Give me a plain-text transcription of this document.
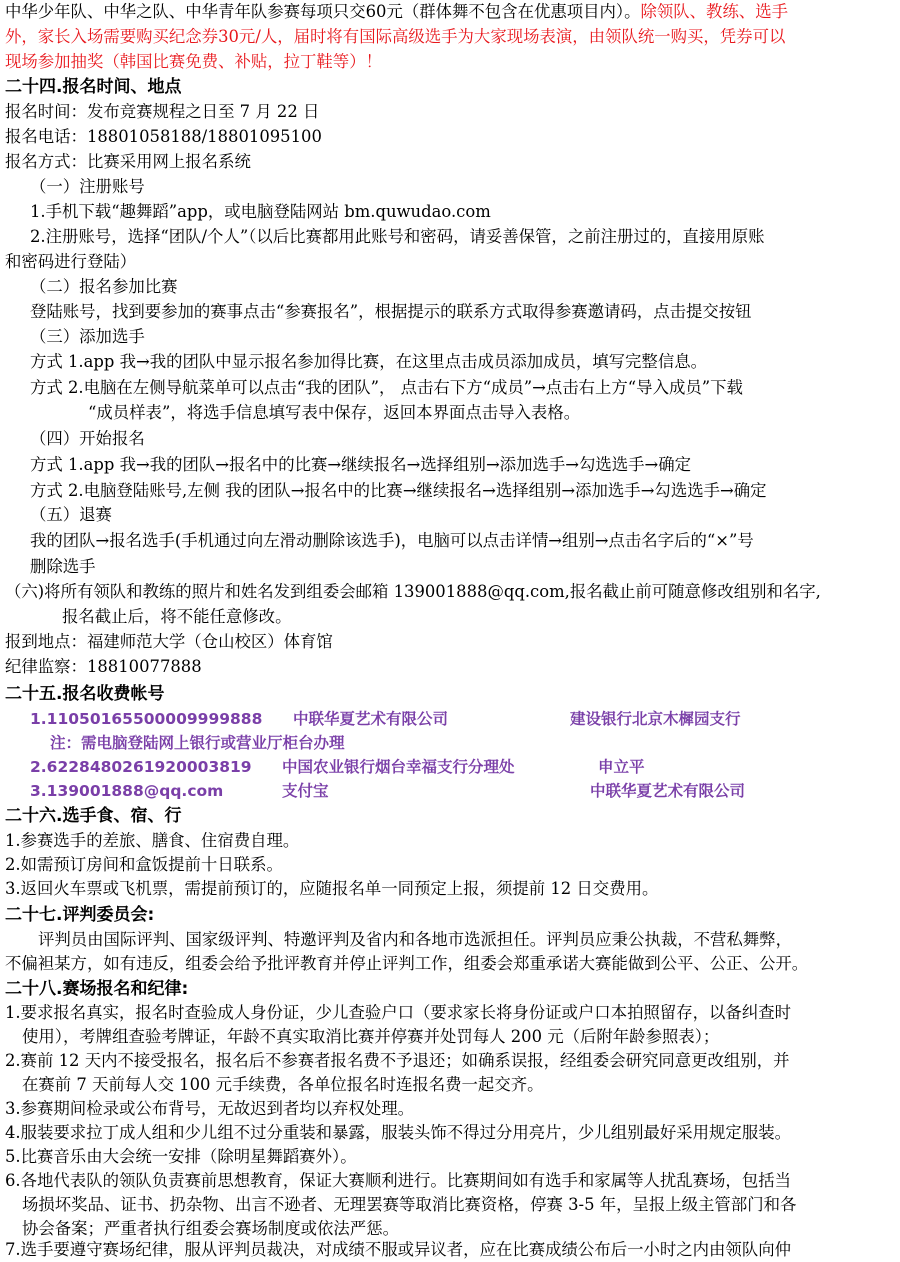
中华少年队、中华之队、中华青年队参赛每项只交60元（群体舞不包含在优惠项目内）。除领队、教练、选手
外，家长入场需要购买纪念券30元/人，届时将有国际高级选手为大家现场表演，由领队统一购买，凭券可以
现场参加抽奖（韩国比赛免费、补贴，拉丁鞋等）！
二十四.报名时间、地点
报名时间：发布竞赛规程之日至 7 月 22 日
报名电话：18801058188/18801095100
报名方式：比赛采用网上报名系统
（一）注册账号
1.手机下载“趣舞蹈”app，或电脑登陆网站 bm.quwudao.com
2.注册账号，选择“团队/个人”（以后比赛都用此账号和密码，请妥善保管，之前注册过的，直接用原账
和密码进行登陆）
（二）报名参加比赛
登陆账号，找到要参加的赛事点击“参赛报名”，根据提示的联系方式取得参赛邀请码，点击提交按钮
（三）添加选手
方式 1.app 我→我的团队中显示报名参加得比赛，在这里点击成员添加成员，填写完整信息。
方式 2.电脑在左侧导航菜单可以点击“我的团队”， 点击右下方“成员”→点击右上方“导入成员”下载
“成员样表”，将选手信息填写表中保存，返回本界面点击导入表格。
（四）开始报名
方式 1.app 我→我的团队→报名中的比赛→继续报名→选择组别→添加选手→勾选选手→确定
方式 2.电脑登陆账号,左侧 我的团队→报名中的比赛→继续报名→选择组别→添加选手→勾选选手→确定
（五）退赛
我的团队→报名选手(手机通过向左滑动删除该选手)，电脑可以点击详情→组别→点击名字后的“×”号
删除选手
（六)将所有领队和教练的照片和姓名发到组委会邮箱 139001888@qq.com,报名截止前可随意修改组别和名字,
报名截止后，将不能任意修改。
报到地点：福建师范大学（仓山校区）体育馆
纪律监察：18810077888
二十五.报名收费帐号
1.11050165500009999888 中联华夏艺术有限公司	建设银行北京木樨园支行
注：需电脑登陆网上银行或营业厅柜台办理
2.6228480261920003819 中国农业银行烟台幸福支行分理处	申立平
3.139001888@qq.com	支付宝	中联华夏艺术有限公司
二十六.选手食、宿、行
1.参赛选手的差旅、膳食、住宿费自理。
2.如需预订房间和盒饭提前十日联系。
3.返回火车票或飞机票，需提前预订的，应随报名单一同预定上报，须提前 12 日交费用。
二十七.评判委员会:
评判员由国际评判、国家级评判、特邀评判及省内和各地市选派担任。评判员应秉公执裁，不营私舞弊，
不偏袒某方，如有违反，组委会给予批评教育并停止评判工作，组委会郑重承诺大赛能做到公平、公正、公开。
二十八.赛场报名和纪律:
1.要求报名真实，报名时查验成人身份证，少儿查验户口（要求家长将身份证或户口本拍照留存，以备纠查时
使用），考牌组查验考牌证，年龄不真实取消比赛并停赛并处罚每人 200 元（后附年龄参照表）；
2.赛前 12 天内不接受报名，报名后不参赛者报名费不予退还；如确系误报，经组委会研究同意更改组别，并
在赛前 7 天前每人交 100 元手续费，各单位报名时连报名费一起交齐。
3.参赛期间检录或公布背号，无故迟到者均以弃权处理。
4.服装要求拉丁成人组和少儿组不过分重装和暴露，服装头饰不得过分用亮片，少儿组别最好采用规定服装。
5.比赛音乐由大会统一安排（除明星舞蹈赛外）。
6.各地代表队的领队负责赛前思想教育，保证大赛顺利进行。比赛期间如有选手和家属等人扰乱赛场，包括当
场损坏奖品、证书、扔杂物、出言不逊者、无理罢赛等取消比赛资格，停赛 3-5 年，呈报上级主管部门和各
协会备案；严重者执行组委会赛场制度或依法严惩。
7.选手要遵守赛场纪律，服从评判员裁决，对成绩不服或异议者，应在比赛成绩公布后一小时之内由领队向仲
